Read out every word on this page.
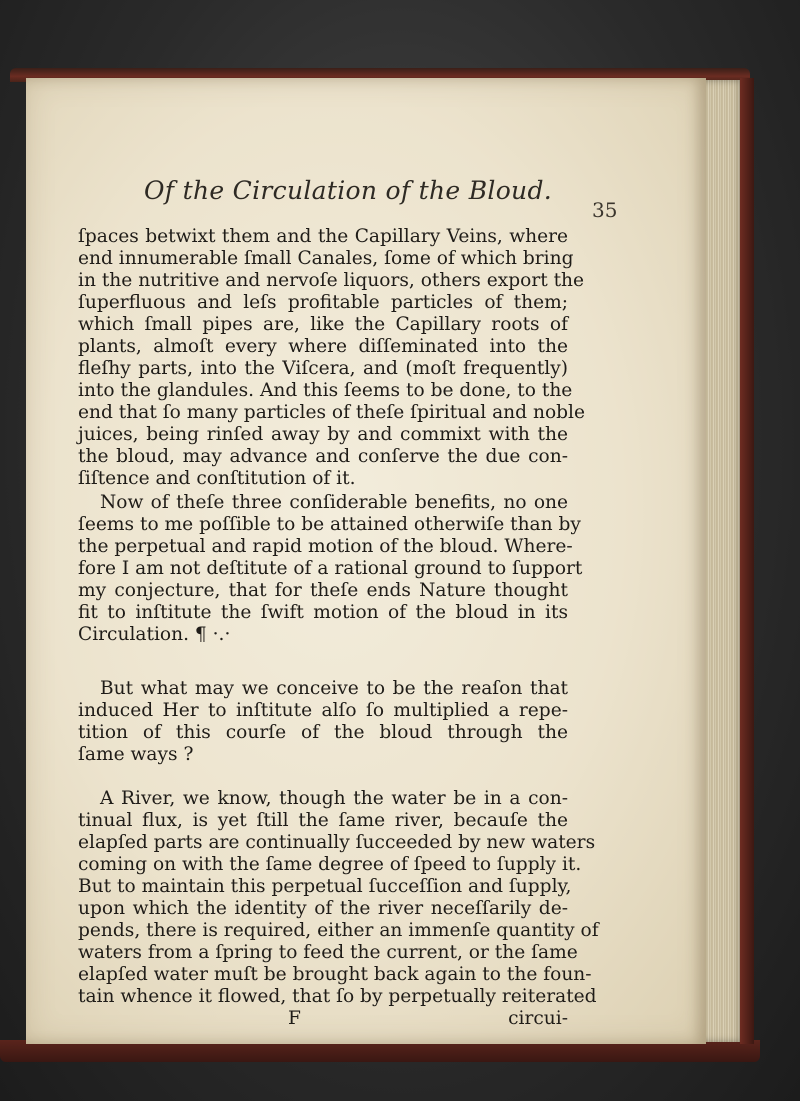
Of the Circulation of the Bloud.
35
ſpaces betwixt them and the Capillary Veins, where
end innumerable ſmall Canales, ſome of which bring
in the nutritive and nervoſe liquors, others export the
ſuperfluous and leſs profitable particles of them;
which ſmall pipes are, like the Capillary roots of
plants, almoſt every where diſſeminated into the
fleſhy parts, into the Viſcera, and (moſt frequently)
into the glandules. And this ſeems to be done, to the
end that ſo many particles of theſe ſpiritual and noble
juices, being rinſed away by and commixt with the
the bloud, may advance and conſerve the due con-
ſiſtence and conſtitution of it.
Now of theſe three conſiderable benefits, no one
ſeems to me poſſible to be attained otherwiſe than by
the perpetual and rapid motion of the bloud. Where-
fore I am not deſtitute of a rational ground to ſupport
my conjecture, that for theſe ends Nature thought
fit to inſtitute the ſwift motion of the bloud in its
Circulation. ¶ ·.·
But what may we conceive to be the reaſon that
induced Her to inſtitute alſo ſo multiplied a repe-
tition of this courſe of the bloud through the
ſame ways ?
A River, we know, though the water be in a con-
tinual flux, is yet ſtill the ſame river, becauſe the
elapſed parts are continually ſucceeded by new waters
coming on with the ſame degree of ſpeed to ſupply it.
But to maintain this perpetual ſucceſſion and ſupply,
upon which the identity of the river neceſſarily de-
pends, there is required, either an immenſe quantity of
waters from a ſpring to feed the current, or the ſame
elapſed water muſt be brought back again to the foun-
tain whence it flowed, that ſo by perpetually reiterated
F	circui-
